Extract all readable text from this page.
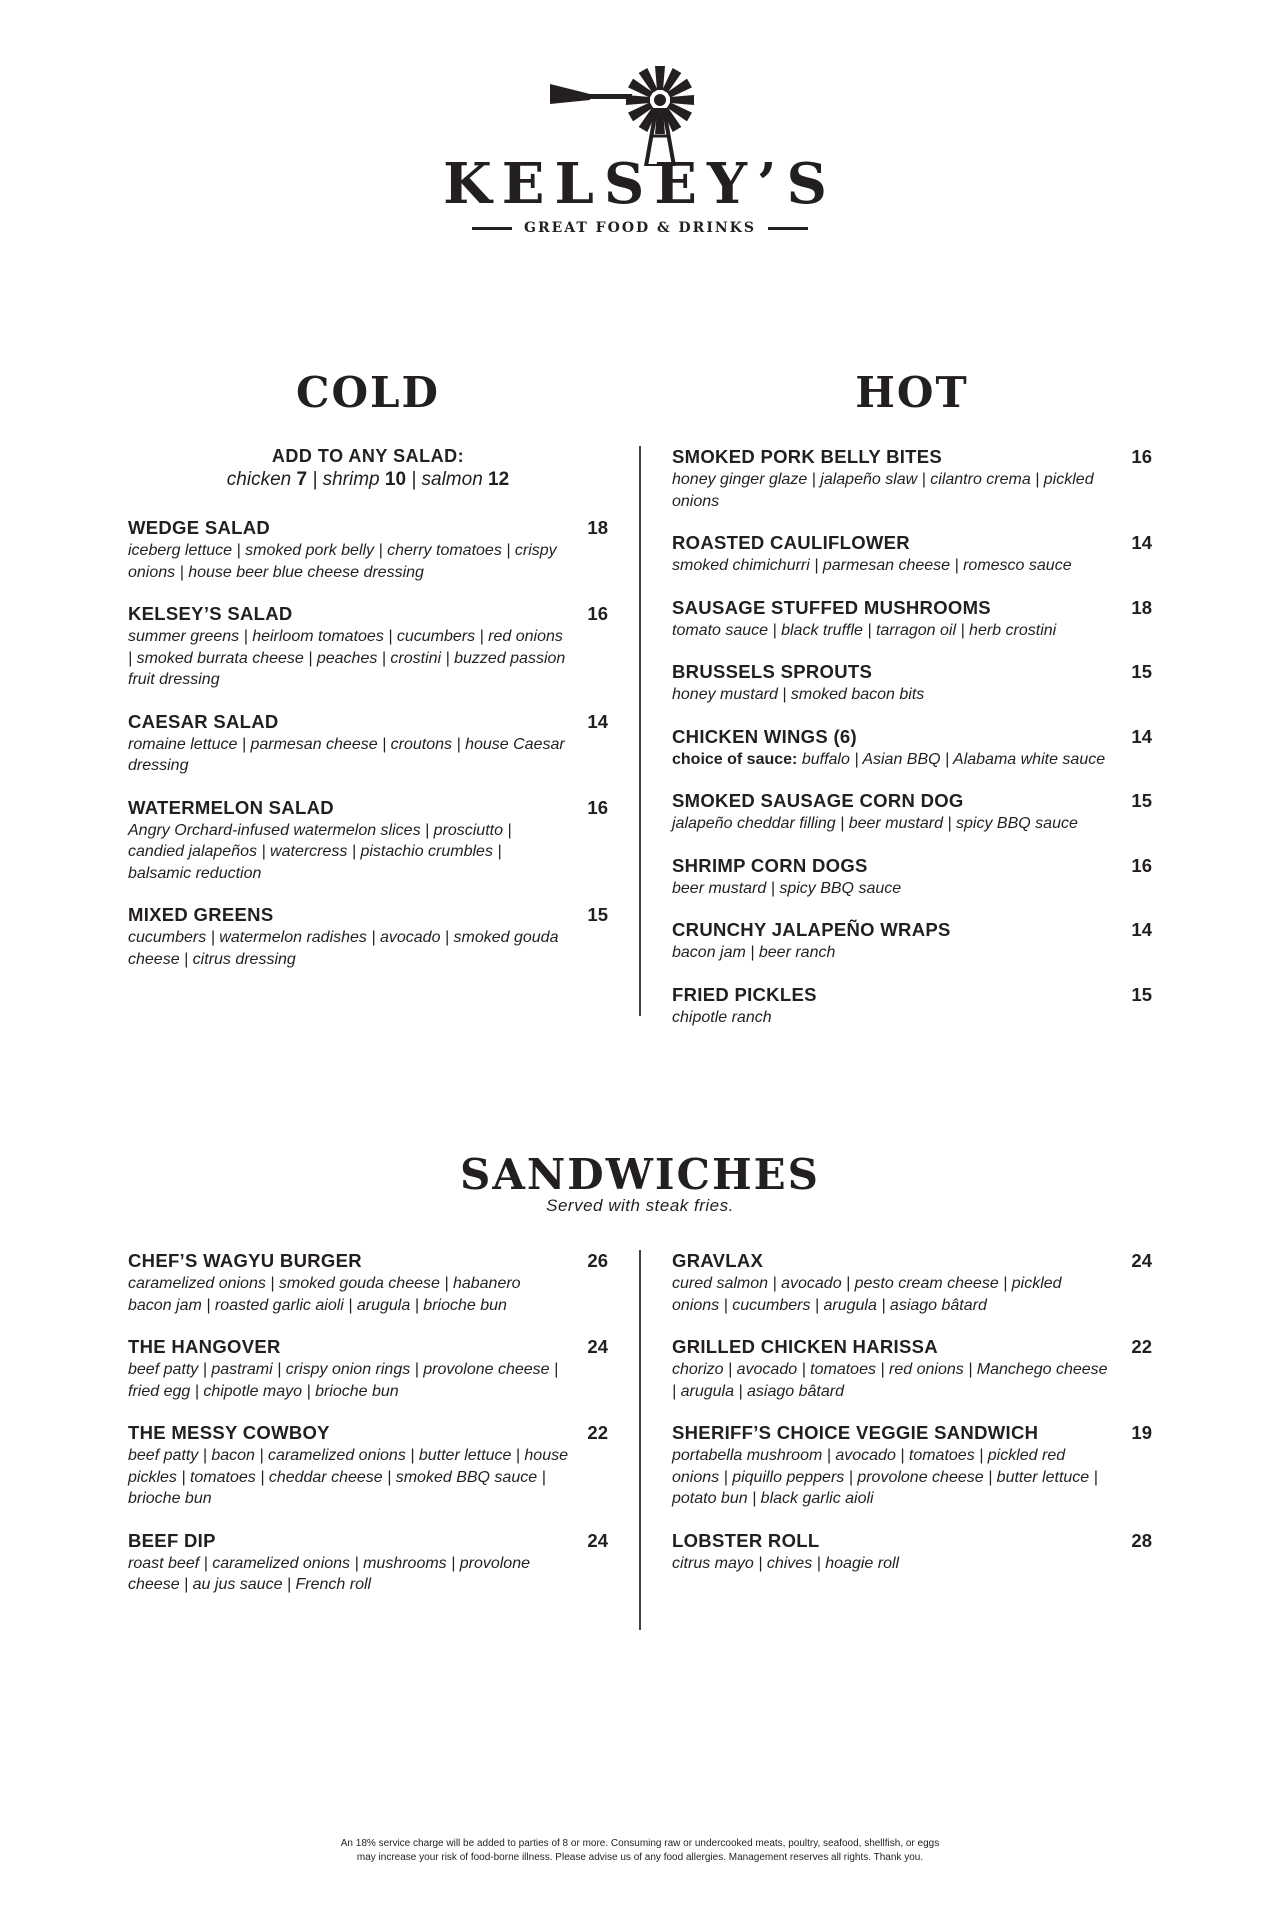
KELSEY’S
GREAT FOOD & DRINKS
COLD	HOT
ADD TO ANY SALAD:
chicken 7 | shrimp 10 | salmon 12
WEDGE SALAD	18
iceberg lettuce | smoked pork belly | cherry tomatoes | crispy onions | house beer blue cheese dressing
KELSEY’S SALAD	16
summer greens | heirloom tomatoes | cucumbers | red onions | smoked burrata cheese | peaches | crostini | buzzed passion fruit dressing
CAESAR SALAD	14
romaine lettuce | parmesan cheese | croutons | house Caesar dressing
WATERMELON SALAD	16
Angry Orchard-infused watermelon slices | prosciutto | candied jalapeños | watercress | pistachio crumbles | balsamic reduction
MIXED GREENS	15
cucumbers | watermelon radishes | avocado | smoked gouda cheese | citrus dressing
SMOKED PORK BELLY BITES	16
honey ginger glaze | jalapeño slaw | cilantro crema | pickled onions
ROASTED CAULIFLOWER	14
smoked chimichurri | parmesan cheese | romesco sauce
SAUSAGE STUFFED MUSHROOMS	18
tomato sauce | black truffle | tarragon oil | herb crostini
BRUSSELS SPROUTS	15
honey mustard | smoked bacon bits
CHICKEN WINGS (6)	14
choice of sauce: buffalo | Asian BBQ | Alabama white sauce
SMOKED SAUSAGE CORN DOG	15
jalapeño cheddar filling | beer mustard | spicy BBQ sauce
SHRIMP CORN DOGS	16
beer mustard | spicy BBQ sauce
CRUNCHY JALAPEÑO WRAPS	14
bacon jam | beer ranch
FRIED PICKLES	15
chipotle ranch
SANDWICHES
Served with steak fries.
CHEF’S WAGYU BURGER	26
caramelized onions | smoked gouda cheese | habanero bacon jam | roasted garlic aioli | arugula | brioche bun
THE HANGOVER	24
beef patty | pastrami | crispy onion rings | provolone cheese | fried egg | chipotle mayo | brioche bun
THE MESSY COWBOY	22
beef patty | bacon | caramelized onions | butter lettuce | house pickles | tomatoes | cheddar cheese | smoked BBQ sauce | brioche bun
BEEF DIP	24
roast beef | caramelized onions | mushrooms | provolone cheese | au jus sauce | French roll
GRAVLAX	24
cured salmon | avocado | pesto cream cheese | pickled onions | cucumbers | arugula | asiago bâtard
GRILLED CHICKEN HARISSA	22
chorizo | avocado | tomatoes | red onions | Manchego cheese | arugula | asiago bâtard
SHERIFF’S CHOICE VEGGIE SANDWICH	19
portabella mushroom | avocado | tomatoes | pickled red onions | piquillo peppers | provolone cheese | butter lettuce | potato bun | black garlic aioli
LOBSTER ROLL	28
citrus mayo | chives | hoagie roll
An 18% service charge will be added to parties of 8 or more. Consuming raw or undercooked meats, poultry, seafood, shellfish, or eggs
may increase your risk of food-borne illness. Please advise us of any food allergies. Management reserves all rights. Thank you.
